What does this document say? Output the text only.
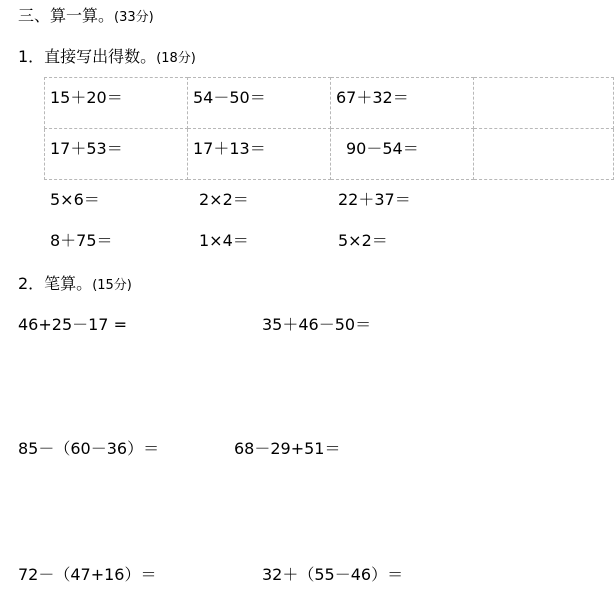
三、算一算。(33分)
1．直接写出得数。(18分)
15＋20＝	54－50＝	67＋32＝	

17＋53＝	17＋13＝	90－54＝	

5×6＝	2×2＝	22＋37＝
8＋75＝	1×4＝	5×2＝
2．笔算。(15分)
46+25－17 =	35＋46－50＝
85－（60－36）＝	68－29+51＝
72－（47+16）＝	32＋（55－46）＝
